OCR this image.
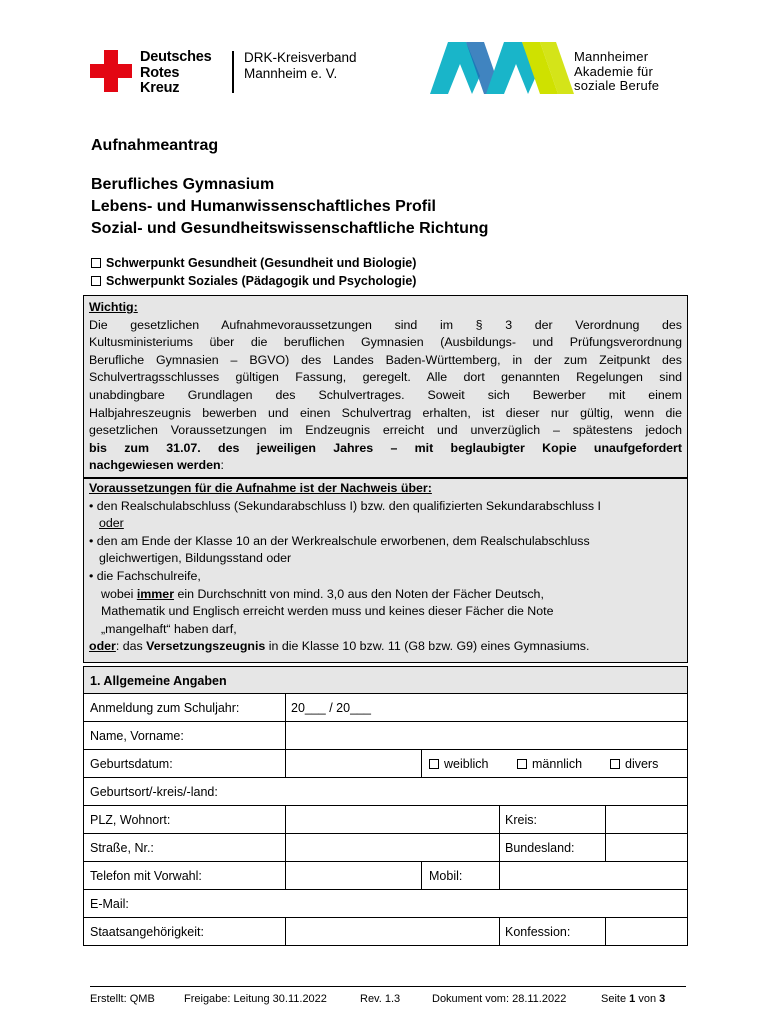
Deutsches
Rotes
Kreuz
DRK-Kreisverband
Mannheim e. V.
Mannheimer
Akademie für
soziale Berufe
Aufnahmeantrag
Berufliches Gymnasium
Lebens- und Humanwissenschaftliches Profil
Sozial- und Gesundheitswissenschaftliche Richtung
Schwerpunkt Gesundheit (Gesundheit und Biologie)
Schwerpunkt Soziales (Pädagogik und Psychologie)
Wichtig:
Die gesetzlichen Aufnahmevoraussetzungen sind im § 3 der Verordnung des
Kultusministeriums über die beruflichen Gymnasien (Ausbildungs- und Prüfungsverordnung
Berufliche Gymnasien – BGVO) des Landes Baden-Württemberg, in der zum Zeitpunkt des
Schulvertragsschlusses gültigen Fassung, geregelt. Alle dort genannten Regelungen sind
unabdingbare Grundlagen des Schulvertrages. Soweit sich Bewerber mit einem
Halbjahreszeugnis bewerben und einen Schulvertrag erhalten, ist dieser nur gültig, wenn die
gesetzlichen Voraussetzungen im Endzeugnis erreicht und unverzüglich – spätestens jedoch
bis zum 31.07. des jeweiligen Jahres – mit beglaubigter Kopie unaufgefordert
nachgewiesen werden:
Voraussetzungen für die Aufnahme ist der Nachweis über:
• den Realschulabschluss (Sekundarabschluss I) bzw. den qualifizierten Sekundarabschluss I
oder
• den am Ende der Klasse 10 an der Werkrealschule erworbenen, dem Realschulabschluss
gleichwertigen, Bildungsstand oder
• die Fachschulreife,
wobei immer ein Durchschnitt von mind. 3,0 aus den Noten der Fächer Deutsch,
Mathematik und Englisch erreicht werden muss und keines dieser Fächer die Note
„mangelhaft“ haben darf,
oder: das Versetzungszeugnis in die Klasse 10 bzw. 11 (G8 bzw. G9) eines Gymnasiums.
1. Allgemeine Angaben
Anmeldung zum Schuljahr:	20___ / 20___
Name, Vorname:
Geburtsdatum:	weiblich	männlich	divers
Geburtsort/-kreis/-land:
PLZ, Wohnort:	Kreis:
Straße, Nr.:	Bundesland:
Telefon mit Vorwahl:	Mobil:
E-Mail:
Staatsangehörigkeit:	Konfession:
Erstellt: QMB	Freigabe: Leitung 30.11.2022	Rev. 1.3	Dokument vom: 28.11.2022	Seite 1 von 3
